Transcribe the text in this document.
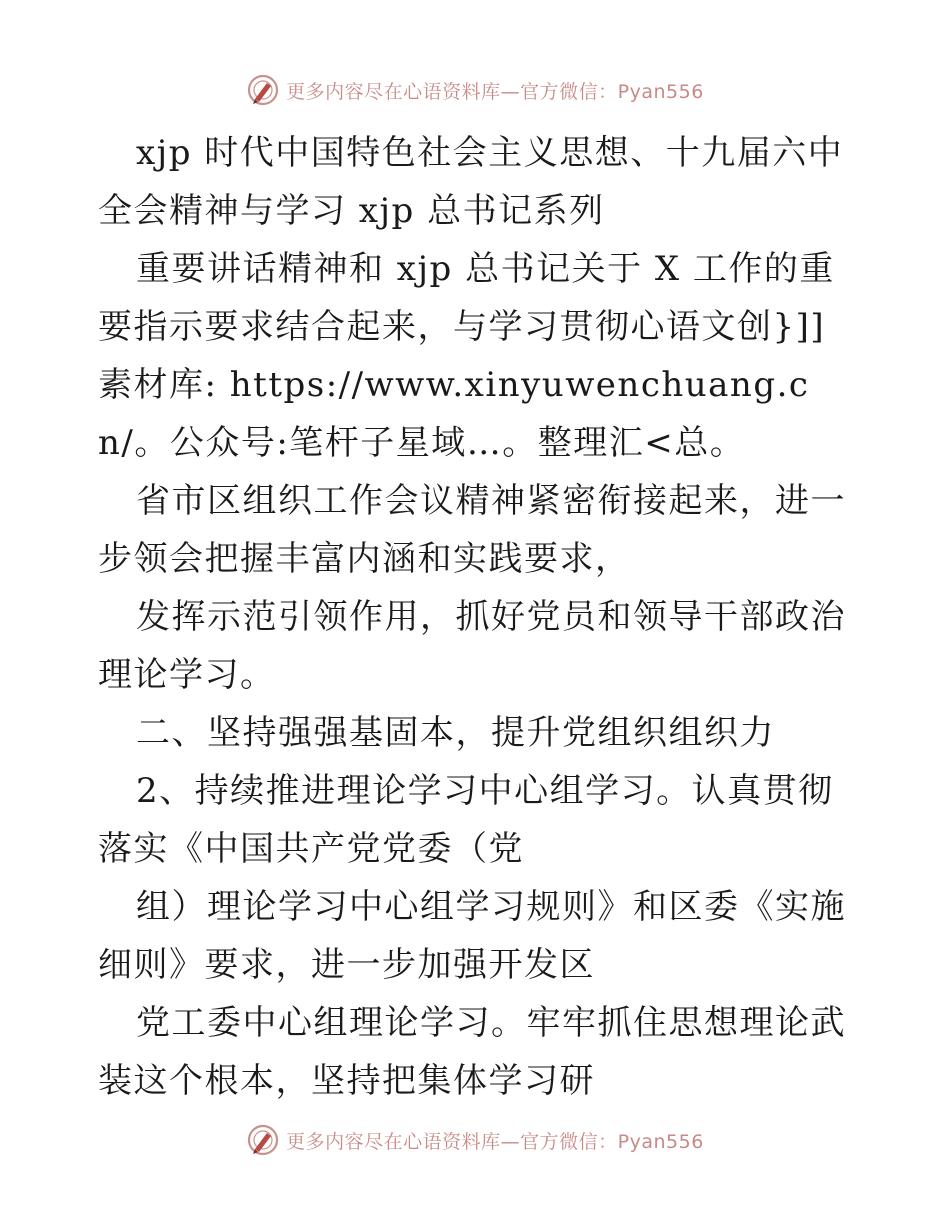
更多内容尽在心语资料库—官方微信：Pyan556

xjp 时代中国特色社会主义思想、十九届六中全会精神与学习 xjp 总书记系列

重要讲话精神和 xjp 总书记关于 X 工作的重要指示要求结合起来，与学习贯彻心语文创}]]素材库: https://www.xinyuwenchuang.cn/。公众号:笔杆子星域…。整理汇<总。

省市区组织工作会议精神紧密衔接起来，进一步领会把握丰富内涵和实践要求，

发挥示范引领作用，抓好党员和领导干部政治理论学习。

二、坚持强强基固本，提升党组织组织力

2、持续推进理论学习中心组学习。认真贯彻落实《中国共产党党委（党

组）理论学习中心组学习规则》和区委《实施细则》要求，进一步加强开发区

党工委中心组理论学习。牢牢抓住思想理论武装这个根本，坚持把集体学习研

更多内容尽在心语资料库—官方微信：Pyan556
